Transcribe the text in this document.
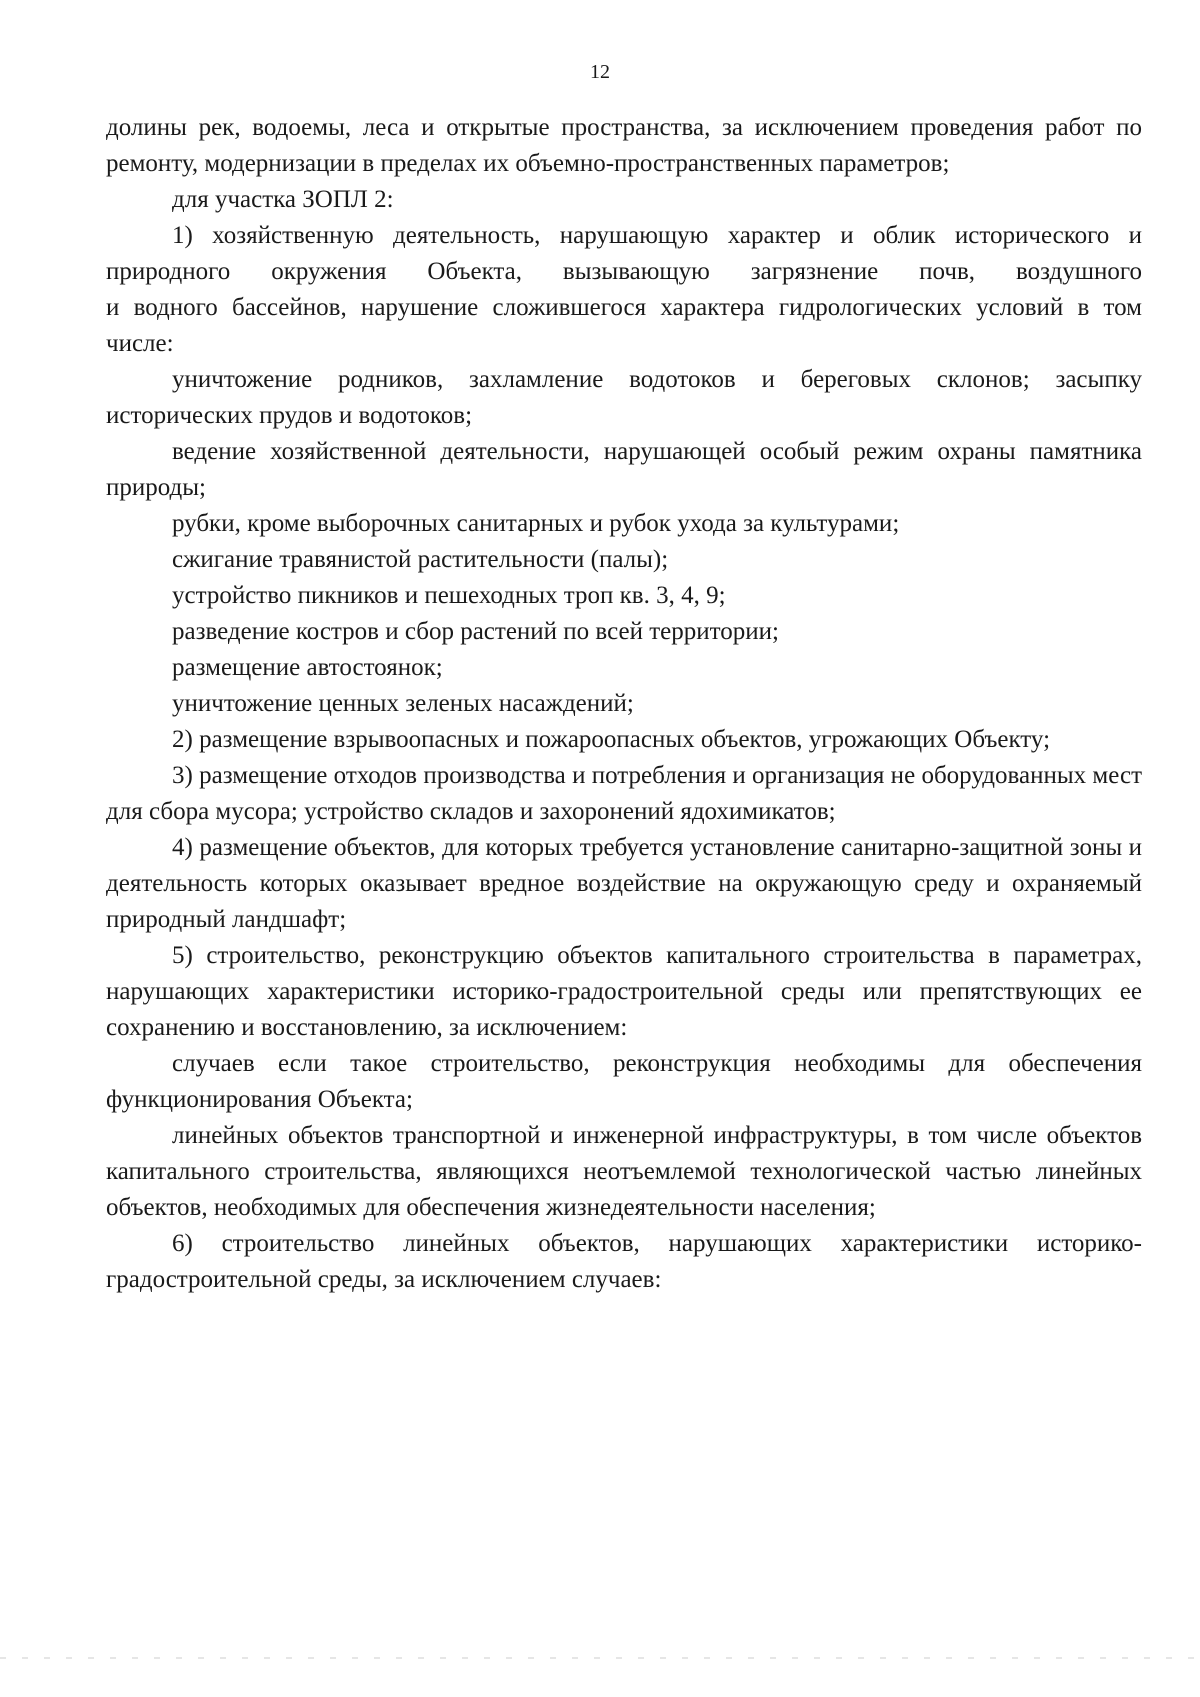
12

долины рек, водоемы, леса и открытые пространства, за исключением проведения работ по ремонту, модернизации в пределах их объемно-пространственных параметров;

для участка ЗОПЛ 2:

1) хозяйственную деятельность, нарушающую характер и облик исторического и природного окружения Объекта, вызывающую загрязнение почв, воздушного

и водного бассейнов, нарушение сложившегося характера гидрологических условий в том числе:

уничтожение родников, захламление водотоков и береговых склонов; засыпку исторических прудов и водотоков;

ведение хозяйственной деятельности, нарушающей особый режим охраны памятника природы;

рубки, кроме выборочных санитарных и рубок ухода за культурами;

сжигание травянистой растительности (палы);

устройство пикников и пешеходных троп кв. 3, 4, 9;

разведение костров и сбор растений по всей территории;

размещение автостоянок;

уничтожение ценных зеленых насаждений;

2) размещение взрывоопасных и пожароопасных объектов, угрожающих Объекту;

3) размещение отходов производства и потребления и организация не оборудованных мест для сбора мусора; устройство складов и захоронений ядохимикатов;

4) размещение объектов, для которых требуется установление санитарно-защитной зоны и деятельность которых оказывает вредное воздействие на окружающую среду и охраняемый природный ландшафт;

5) строительство, реконструкцию объектов капитального строительства в параметрах, нарушающих характеристики историко-градостроительной среды или препятствующих ее сохранению и восстановлению, за исключением:

случаев если такое строительство, реконструкция необходимы для обеспечения функционирования Объекта;

линейных объектов транспортной и инженерной инфраструктуры, в том числе объектов капитального строительства, являющихся неотъемлемой технологической частью линейных объектов, необходимых для обеспечения жизнедеятельности населения;

6) строительство линейных объектов, нарушающих характеристики историко-градостроительной среды, за исключением случаев:
